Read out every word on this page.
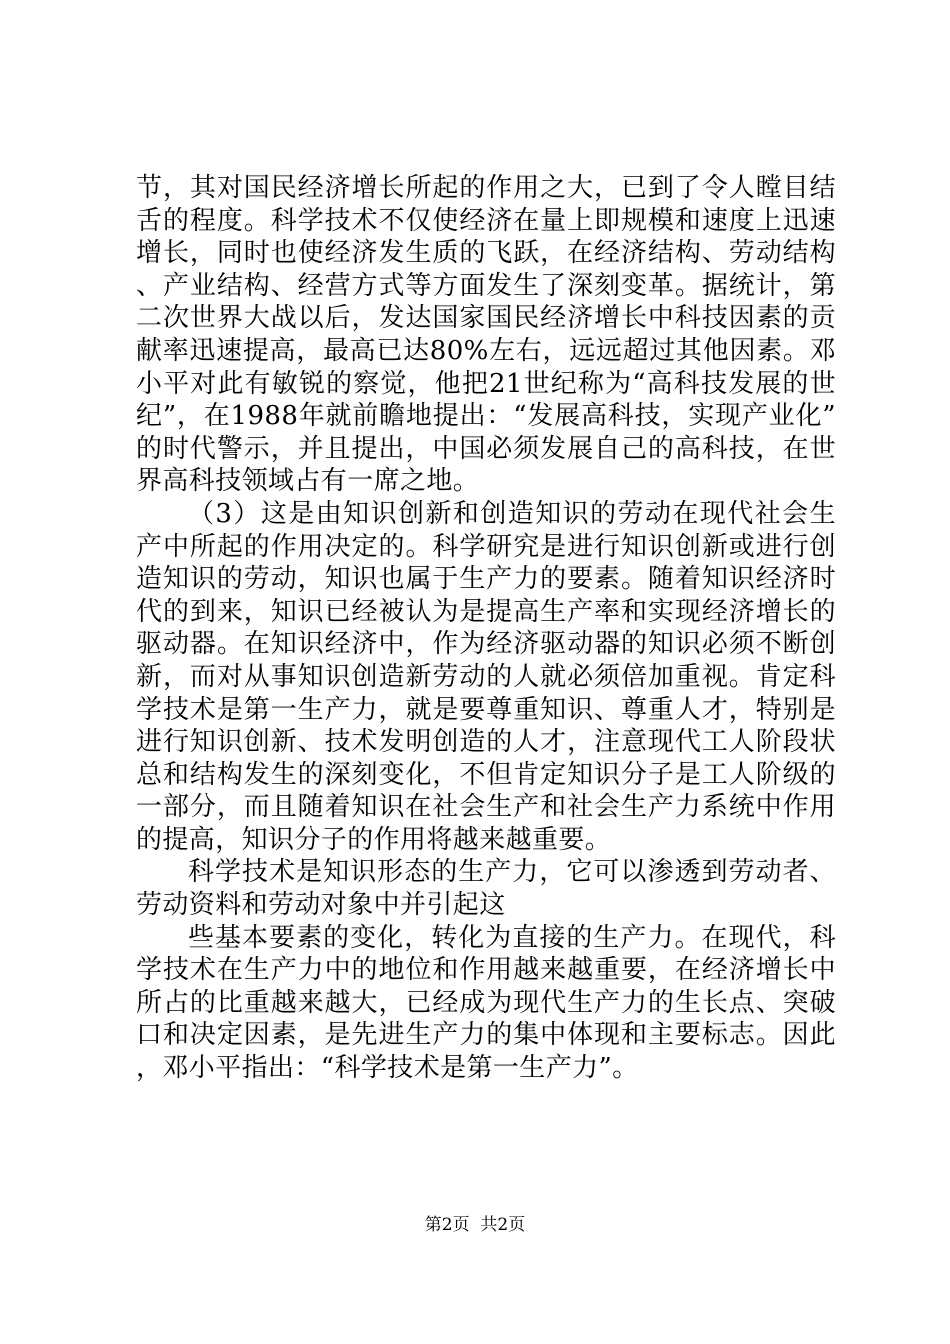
节，其对国民经济增长所起的作用之大，已到了令人瞠目结舌的程度。科学技术不仅使经济在量上即规模和速度上迅速增长，同时也使经济发生质的飞跃，在经济结构、劳动结构、产业结构、经营方式等方面发生了深刻变革。据统计，第二次世界大战以后，发达国家国民经济增长中科技因素的贡献率迅速提高，最高已达80%左右，远远超过其他因素。邓小平对此有敏锐的察觉，他把21世纪称为“高科技发展的世纪”，在1988年就前瞻地提出：“发展高科技，实现产业化”的时代警示，并且提出，中国必须发展自己的高科技，在世界高科技领域占有一席之地。

（3）这是由知识创新和创造知识的劳动在现代社会生产中所起的作用决定的。科学研究是进行知识创新或进行创造知识的劳动，知识也属于生产力的要素。随着知识经济时代的到来，知识已经被认为是提高生产率和实现经济增长的驱动器。在知识经济中，作为经济驱动器的知识必须不断创新，而对从事知识创造新劳动的人就必须倍加重视。肯定科学技术是第一生产力，就是要尊重知识、尊重人才，特别是进行知识创新、技术发明创造的人才，注意现代工人阶段状总和结构发生的深刻变化，不但肯定知识分子是工人阶级的一部分，而且随着知识在社会生产和社会生产力系统中作用的提高，知识分子的作用将越来越重要。

科学技术是知识形态的生产力，它可以渗透到劳动者、劳动资料和劳动对象中并引起这

些基本要素的变化，转化为直接的生产力。在现代，科学技术在生产力中的地位和作用越来越重要，在经济增长中所占的比重越来越大，已经成为现代生产力的生长点、突破口和决定因素，是先进生产力的集中体现和主要标志。因此，邓小平指出：“科学技术是第一生产力”。

第2页  共2页
